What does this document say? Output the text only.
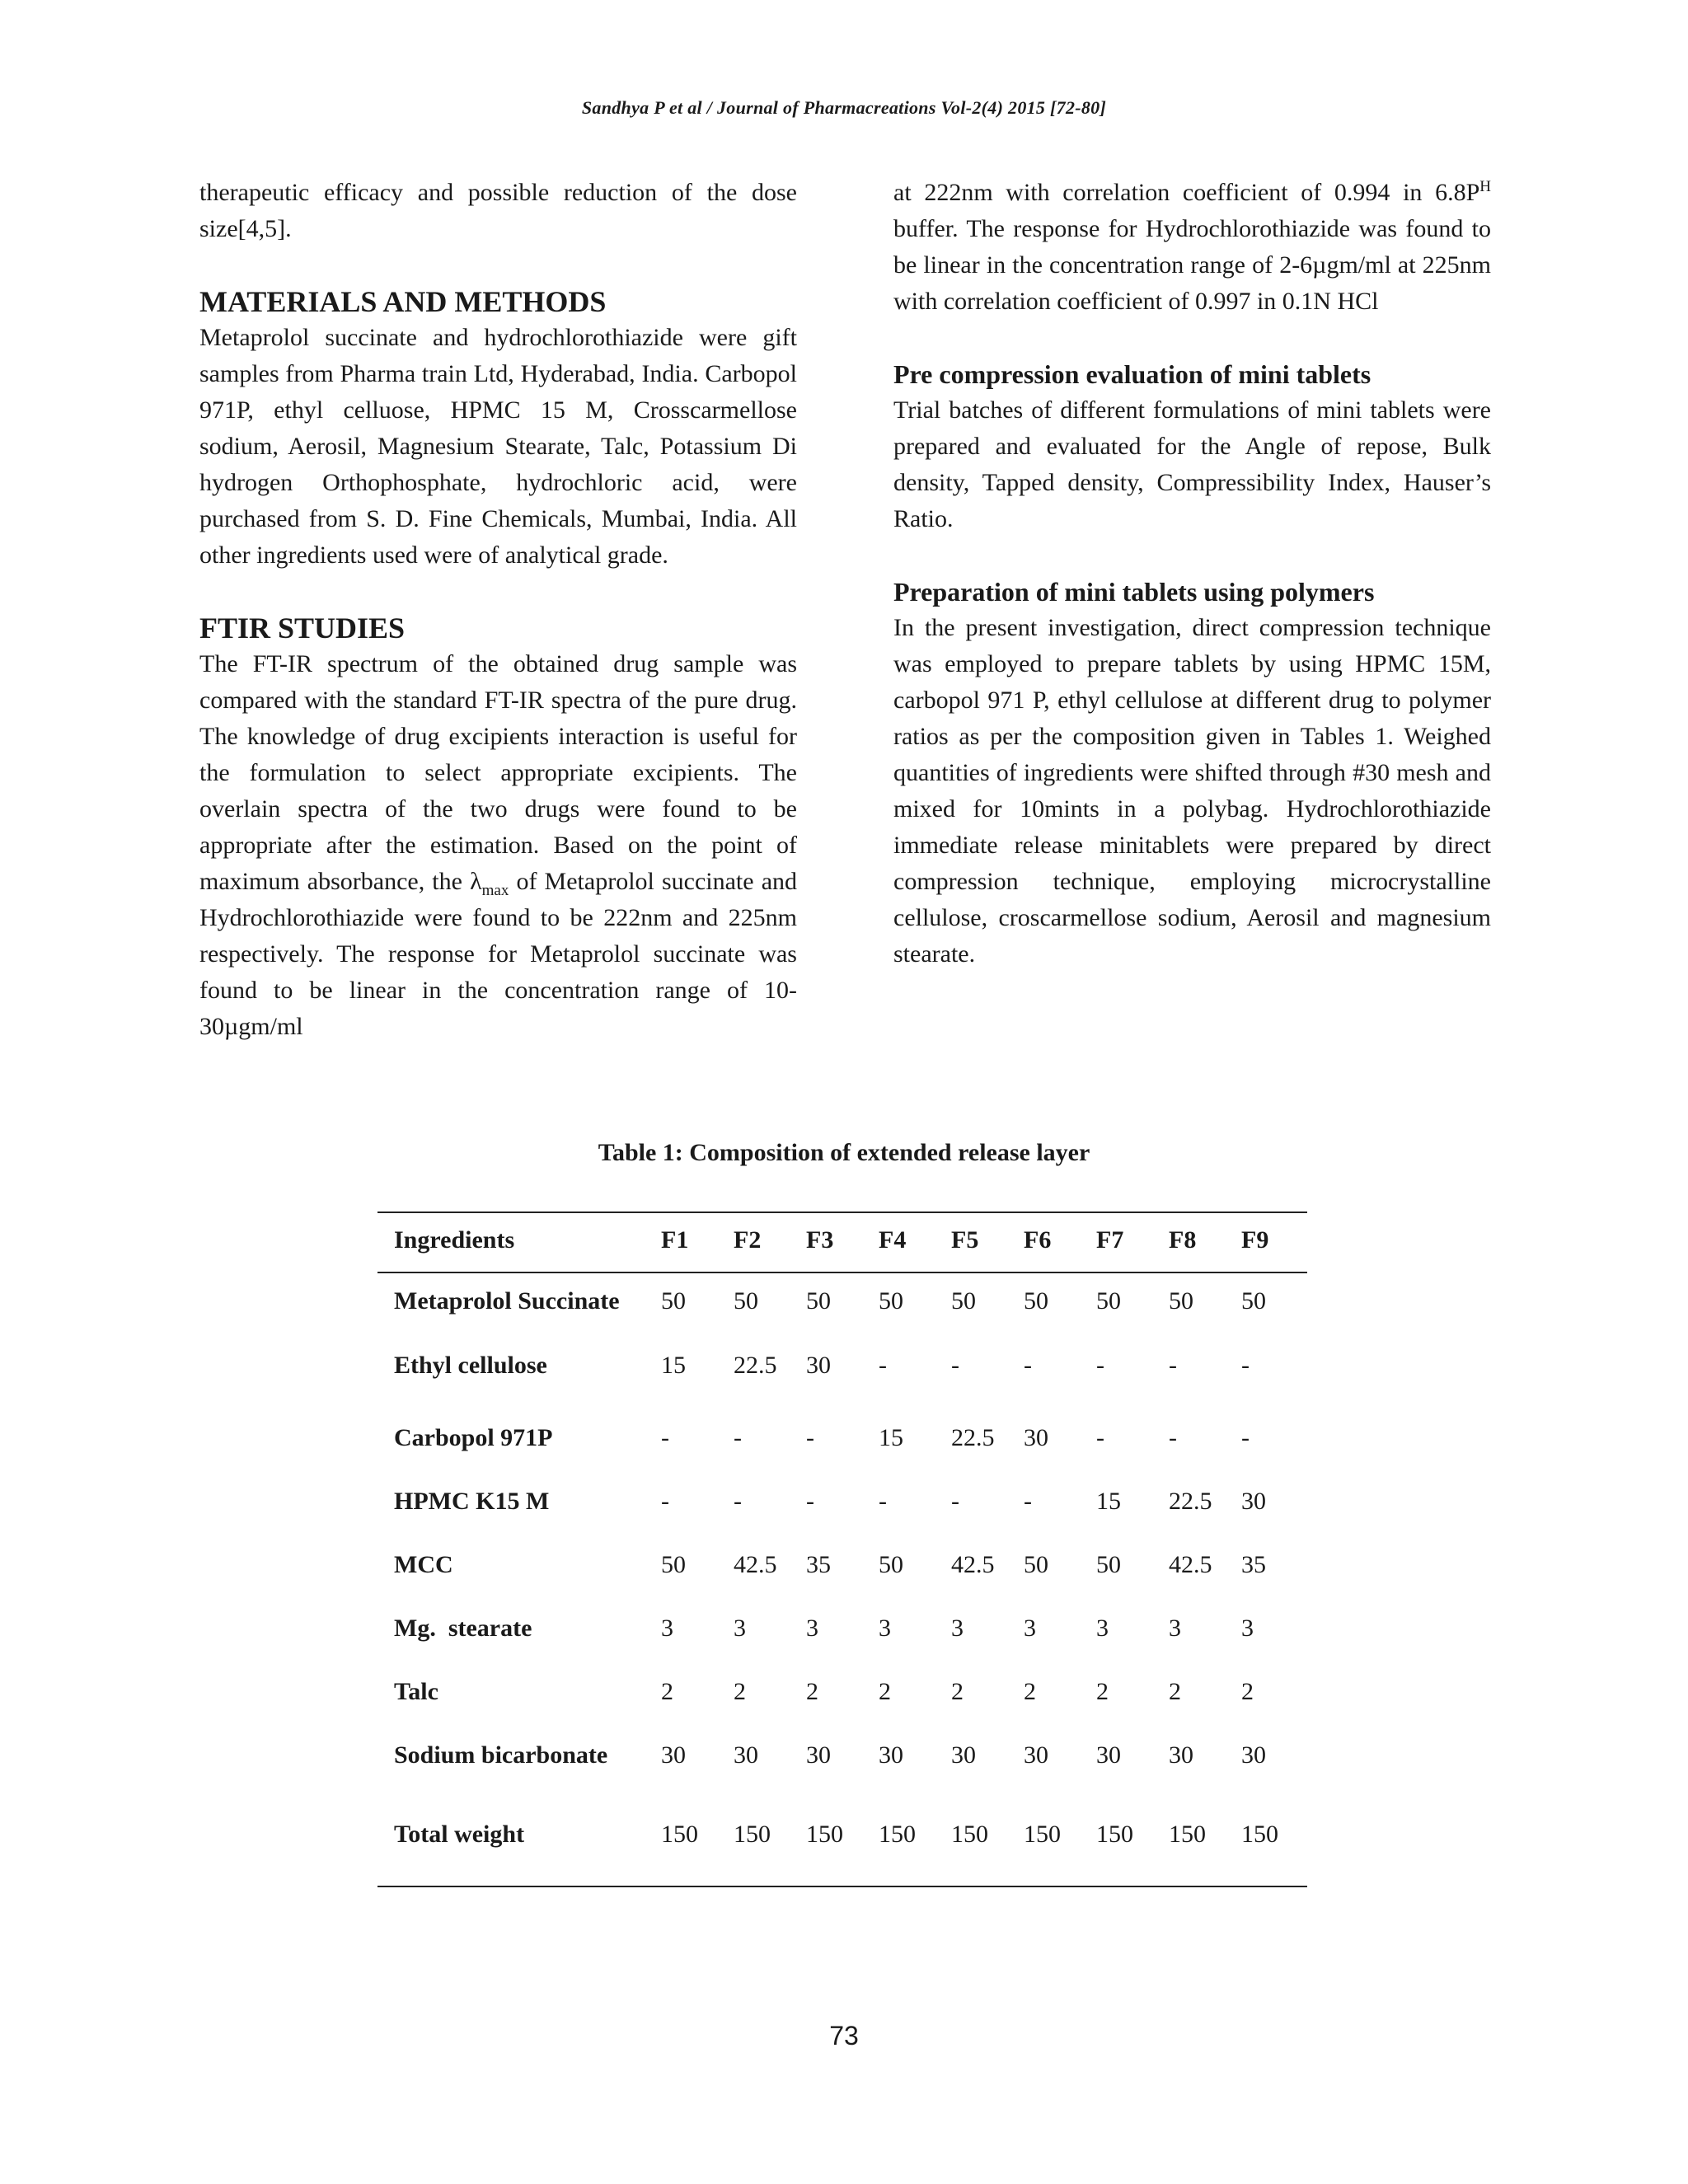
Sandhya P et al / Journal of Pharmacreations Vol-2(4) 2015 [72-80]

therapeutic efficacy and possible reduction of the dose size[4,5].

MATERIALS AND METHODS

Metaprolol succinate and hydrochlorothiazide were gift samples from Pharma train Ltd, Hyderabad, India. Carbopol 971P, ethyl celluose, HPMC 15 M, Crosscarmellose sodium, Aerosil, Magnesium Stearate, Talc, Potassium Di hydrogen Orthophosphate, hydrochloric acid, were purchased from S. D. Fine Chemicals, Mumbai, India. All other ingredients used were of analytical grade.

FTIR STUDIES

The FT-IR spectrum of the obtained drug sample was compared with the standard FT-IR spectra of the pure drug. The knowledge of drug excipients interaction is useful for the formulation to select appropriate excipients. The overlain spectra of the two drugs were found to be appropriate after the estimation. Based on the point of maximum absorbance, the $\lambda_{max}$ of Metaprolol succinate and Hydrochlorothiazide were found to be 222nm and 225nm respectively. The response for Metaprolol succinate was found to be linear in the concentration range of 10-30µgm/ml

at 222nm with correlation coefficient of 0.994 in $6.8P^H$ buffer. The response for Hydrochlorothiazide was found to be linear in the concentration range of 2-6µgm/ml at 225nm with correlation coefficient of 0.997 in 0.1N HCl

Pre compression evaluation of mini tablets

Trial batches of different formulations of mini tablets were prepared and evaluated for the Angle of repose, Bulk density, Tapped density, Compressibility Index, Hauser’s Ratio.

Preparation of mini tablets using polymers

In the present investigation, direct compression technique was employed to prepare tablets by using HPMC 15M, carbopol 971 P, ethyl cellulose at different drug to polymer ratios as per the composition given in Tables 1. Weighed quantities of ingredients were shifted through #30 mesh and mixed for 10mints in a polybag. Hydrochlorothiazide immediate release minitablets were prepared by direct compression technique, employing microcrystalline cellulose, croscarmellose sodium, Aerosil and magnesium stearate.

Table 1: Composition of extended release layer
Ingredients	F1	F2	F3	F4	F5	F6	F7	F8	F9
Metaprolol Succinate	50	50	50	50	50	50	50	50	50
Ethyl cellulose	15	22.5	30	-	-	-	-	-	-
Carbopol 971P	-	-	-	15	22.5	30	-	-	-
HPMC K15 M	-	-	-	-	-	-	15	22.5	30
MCC	50	42.5	35	50	42.5	50	50	42.5	35
Mg.  stearate	3	3	3	3	3	3	3	3	3
Talc	2	2	2	2	2	2	2	2	2
Sodium bicarbonate	30	30	30	30	30	30	30	30	30
Total weight	150	150	150	150	150	150	150	150	150
73
